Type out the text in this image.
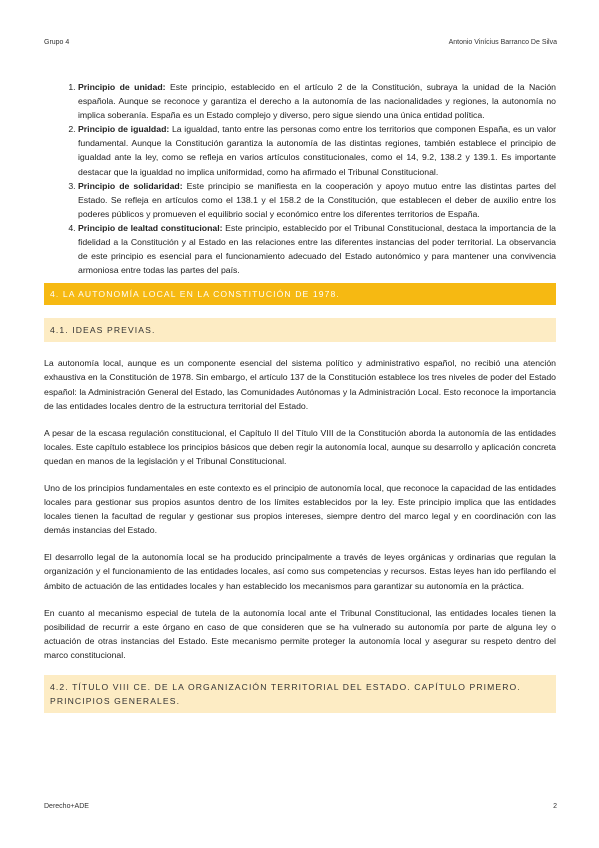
Grupo 4	Antonio Vinícius Barranco De Silva
1. Principio de unidad: Este principio, establecido en el artículo 2 de la Constitución, subraya la unidad de la Nación española. Aunque se reconoce y garantiza el derecho a la autonomía de las nacionalidades y regiones, la autonomía no implica soberanía. España es un Estado complejo y diverso, pero sigue siendo una única entidad política.
2. Principio de igualdad: La igualdad, tanto entre las personas como entre los territorios que componen España, es un valor fundamental. Aunque la Constitución garantiza la autonomía de las distintas regiones, también establece el principio de igualdad ante la ley, como se refleja en varios artículos constitucionales, como el 14, 9.2, 138.2 y 139.1. Es importante destacar que la igualdad no implica uniformidad, como ha afirmado el Tribunal Constitucional.
3. Principio de solidaridad: Este principio se manifiesta en la cooperación y apoyo mutuo entre las distintas partes del Estado. Se refleja en artículos como el 138.1 y el 158.2 de la Constitución, que establecen el deber de auxilio entre los poderes públicos y promueven el equilibrio social y económico entre los diferentes territorios de España.
4. Principio de lealtad constitucional: Este principio, establecido por el Tribunal Constitucional, destaca la importancia de la fidelidad a la Constitución y al Estado en las relaciones entre las diferentes instancias del poder territorial. La observancia de este principio es esencial para el funcionamiento adecuado del Estado autonómico y para mantener una convivencia armoniosa entre todas las partes del país.
4. LA AUTONOMÍA LOCAL EN LA CONSTITUCIÓN DE 1978.
4.1. IDEAS PREVIAS.

La autonomía local, aunque es un componente esencial del sistema político y administrativo español, no recibió una atención exhaustiva en la Constitución de 1978. Sin embargo, el artículo 137 de la Constitución establece los tres niveles de poder del Estado español: la Administración General del Estado, las Comunidades Autónomas y la Administración Local. Esto reconoce la importancia de las entidades locales dentro de la estructura territorial del Estado.

A pesar de la escasa regulación constitucional, el Capítulo II del Título VIII de la Constitución aborda la autonomía de las entidades locales. Este capítulo establece los principios básicos que deben regir la autonomía local, aunque su desarrollo y aplicación concreta quedan en manos de la legislación y el Tribunal Constitucional.

Uno de los principios fundamentales en este contexto es el principio de autonomía local, que reconoce la capacidad de las entidades locales para gestionar sus propios asuntos dentro de los límites establecidos por la ley. Este principio implica que las entidades locales tienen la facultad de regular y gestionar sus propios intereses, siempre dentro del marco legal y en coordinación con las demás instancias del Estado.

El desarrollo legal de la autonomía local se ha producido principalmente a través de leyes orgánicas y ordinarias que regulan la organización y el funcionamiento de las entidades locales, así como sus competencias y recursos. Estas leyes han ido perfilando el ámbito de actuación de las entidades locales y han establecido los mecanismos para garantizar su autonomía en la práctica.

En cuanto al mecanismo especial de tutela de la autonomía local ante el Tribunal Constitucional, las entidades locales tienen la posibilidad de recurrir a este órgano en caso de que consideren que se ha vulnerado su autonomía por parte de alguna ley o actuación de otras instancias del Estado. Este mecanismo permite proteger la autonomía local y asegurar su respeto dentro del marco constitucional.

4.2. TÍTULO VIII CE. DE LA ORGANIZACIÓN TERRITORIAL DEL ESTADO. CAPÍTULO PRIMERO. PRINCIPIOS GENERALES.
Derecho+ADE	2
